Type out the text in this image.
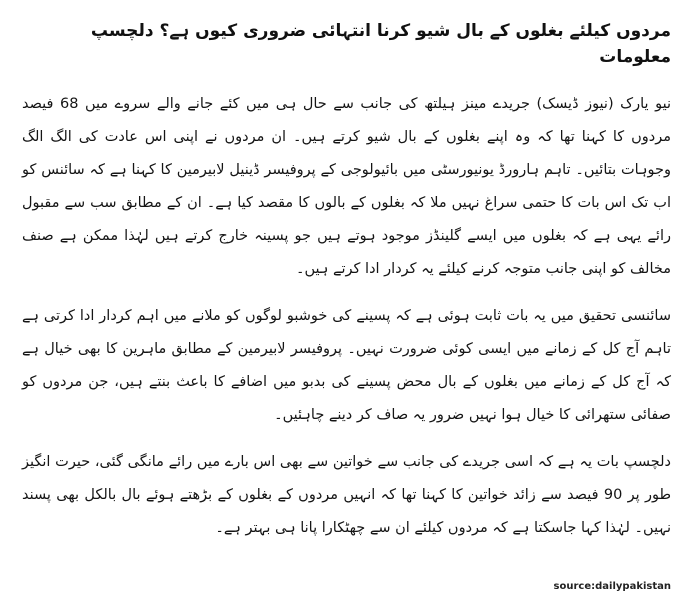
مردوں کیلئے بغلوں کے بال شیو کرنا انتہائی ضروری کیوں ہے؟ دلچسپ معلومات

نیو یارک (نیوز ڈیسک) جریدے مینز ہیلتھ کی جانب سے حال ہی میں کئے جانے والے سروے میں 68 فیصد مردوں کا کہنا تھا کہ وہ اپنے بغلوں کے بال شیو کرتے ہیں۔ ان مردوں نے اپنی اس عادت کی الگ الگ وجوہات بتائیں۔ تاہم ہارورڈ یونیورسٹی میں بائیولوجی کے پروفیسر ڈینیل لابیرمین کا کہنا ہے کہ سائنس کو اب تک اس بات کا حتمی سراغ نہیں ملا کہ بغلوں کے بالوں کا مقصد کیا ہے۔ ان کے مطابق سب سے مقبول رائے یہی ہے کہ بغلوں میں ایسے گلینڈز موجود ہوتے ہیں جو پسینہ خارج کرتے ہیں لہٰذا ممکن ہے صنف مخالف کو اپنی جانب متوجہ کرنے کیلئے یہ کردار ادا کرتے ہیں۔

سائنسی تحقیق میں یہ بات ثابت ہوئی ہے کہ پسینے کی خوشبو لوگوں کو ملانے میں اہم کردار ادا کرتی ہے تاہم آج کل کے زمانے میں ایسی کوئی ضرورت نہیں۔ پروفیسر لابیرمین کے مطابق ماہرین کا بھی خیال ہے کہ آج کل کے زمانے میں بغلوں کے بال محض پسینے کی بدبو میں اضافے کا باعث بنتے ہیں، جن مردوں کو صفائی ستھرائی کا خیال ہوا نہیں ضرور یہ صاف کر دینے چاہئیں۔

دلچسپ بات یہ ہے کہ اسی جریدے کی جانب سے خواتین سے بھی اس بارے میں رائے مانگی گئی، حیرت انگیز طور پر 90 فیصد سے زائد خواتین کا کہنا تھا کہ انہیں مردوں کے بغلوں کے بڑھتے ہوئے بال بالکل بھی پسند نہیں۔ لہٰذا کہا جاسکتا ہے کہ مردوں کیلئے ان سے چھٹکارا پانا ہی بہتر ہے۔

source:dailypakistan
